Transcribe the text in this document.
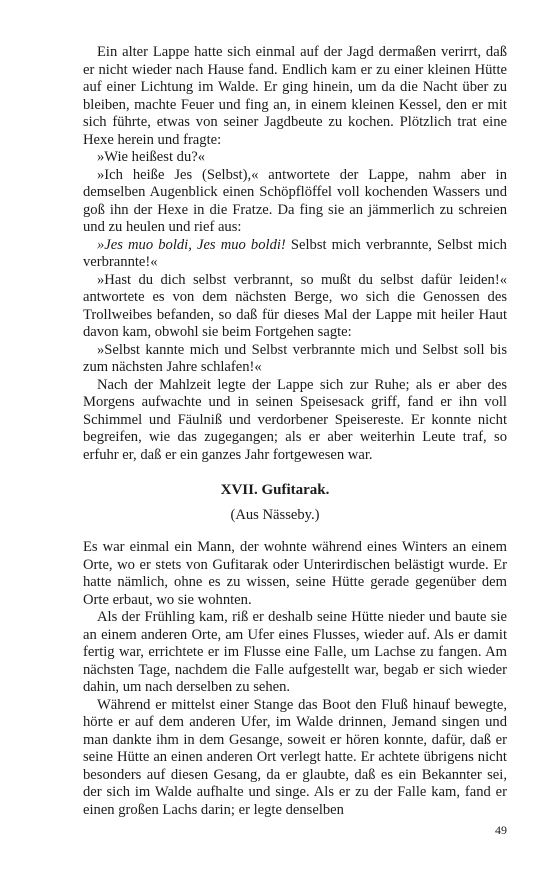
Ein alter Lappe hatte sich einmal auf der Jagd dermaßen verirrt, daß er nicht wieder nach Hause fand. Endlich kam er zu einer kleinen Hütte auf einer Lichtung im Walde. Er ging hinein, um da die Nacht über zu bleiben, machte Feuer und fing an, in einem kleinen Kessel, den er mit sich führte, etwas von seiner Jagdbeute zu kochen. Plötzlich trat eine Hexe herein und fragte:

»Wie heißest du?«

»Ich heiße Jes (Selbst),« antwortete der Lappe, nahm aber in demselben Augenblick einen Schöpflöffel voll kochenden Wassers und goß ihn der Hexe in die Fratze. Da fing sie an jämmerlich zu schreien und zu heulen und rief aus:

»Jes muo boldi, Jes muo boldi! Selbst mich verbrannte, Selbst mich verbrannte!«

»Hast du dich selbst verbrannt, so mußt du selbst dafür leiden!« antwortete es von dem nächsten Berge, wo sich die Genossen des Trollweibes befanden, so daß für dieses Mal der Lappe mit heiler Haut davon kam, obwohl sie beim Fortgehen sagte:

»Selbst kannte mich und Selbst verbrannte mich und Selbst soll bis zum nächsten Jahre schlafen!«

Nach der Mahlzeit legte der Lappe sich zur Ruhe; als er aber des Morgens aufwachte und in seinen Speisesack griff, fand er ihn voll Schimmel und Fäulniß und verdorbener Speisereste. Er konnte nicht begreifen, wie das zugegangen; als er aber weiterhin Leute traf, so erfuhr er, daß er ein ganzes Jahr fortgewesen war.

XVII. Gufitarak.
(Aus Nässeby.)

Es war einmal ein Mann, der wohnte während eines Winters an einem Orte, wo er stets von Gufitarak oder Unterirdischen belästigt wurde. Er hatte nämlich, ohne es zu wissen, seine Hütte gerade gegenüber dem Orte erbaut, wo sie wohnten.

Als der Frühling kam, riß er deshalb seine Hütte nieder und baute sie an einem anderen Orte, am Ufer eines Flusses, wieder auf. Als er damit fertig war, errichtete er im Flusse eine Falle, um Lachse zu fangen. Am nächsten Tage, nachdem die Falle aufgestellt war, begab er sich wieder dahin, um nach derselben zu sehen.

Während er mittelst einer Stange das Boot den Fluß hinauf bewegte, hörte er auf dem anderen Ufer, im Walde drinnen, Jemand singen und man dankte ihm in dem Gesange, soweit er hören konnte, dafür, daß er seine Hütte an einen anderen Ort verlegt hatte. Er achtete übrigens nicht besonders auf diesen Gesang, da er glaubte, daß es ein Bekannter sei, der sich im Walde aufhalte und singe. Als er zu der Falle kam, fand er einen großen Lachs darin; er legte denselben

49
